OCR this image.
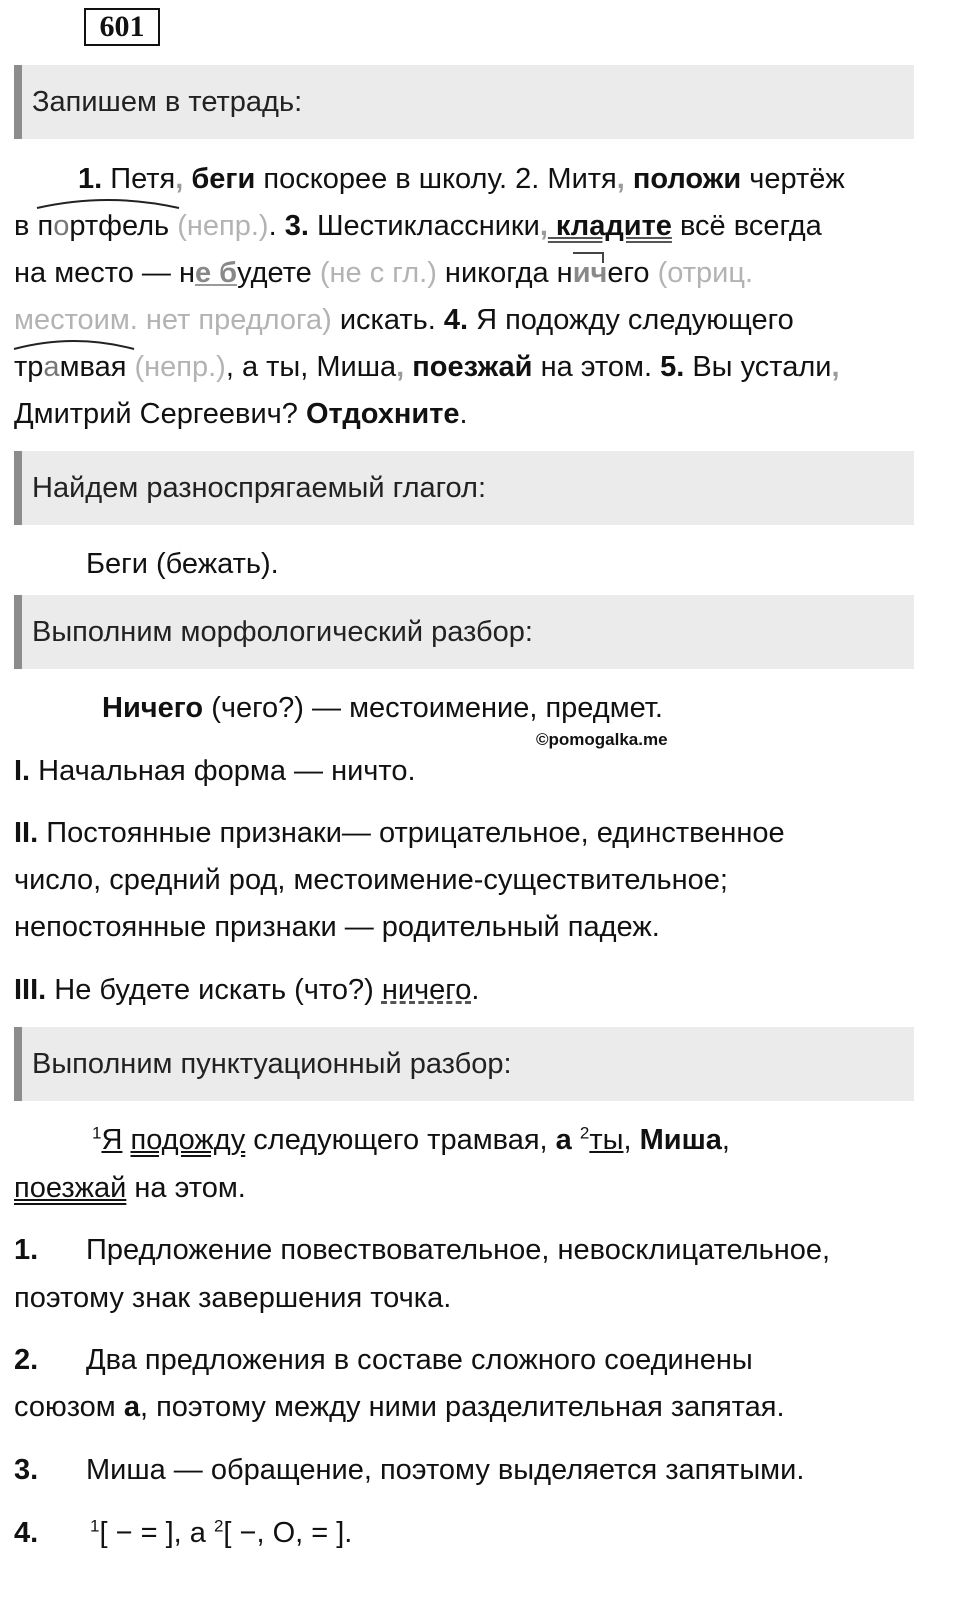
601
Запишем в тетрадь:
1. Петя, беги поскорее в школу. 2. Митя, положи чертёж
в
портфель (непр.). 3. Шестиклассники, кладите всё всегда
на место — не будете (не с гл.) никогда н
ичего (отриц.
местоим. нет предлога) искать. 4. Я подожду следующего
трамвая (непр.), а ты, Миша, поезжай на этом. 5. Вы устали,
Дмитрий Сергеевич? Отдохните.
Найдем разноспрягаемый глагол:
Беги (бежать).
Выполним морфологический разбор:
Ничего (чего?) — местоимение, предмет.
©pomogalka.me
I. Начальная форма — ничто.
II. Постоянные признаки— отрицательное, единственное
число, средний род, местоимение-существительное;
непостоянные признаки — родительный падеж.
III. Не будете искать (что?) ничего.
Выполним пунктуационный разбор:
$^1$Я подожду следующего трамвая, а $^2$ты, Миша,
поезжай на этом.
1. Предложение повествовательное, невосклицательное,
поэтому знак завершения точка.
2. Два предложения в составе сложного соединены
союзом а, поэтому между ними разделительная запятая.
3. Миша — обращение, поэтому выделяется запятыми.
4.	$^1$[ − = ], а $^2$[ −, О, = ].
